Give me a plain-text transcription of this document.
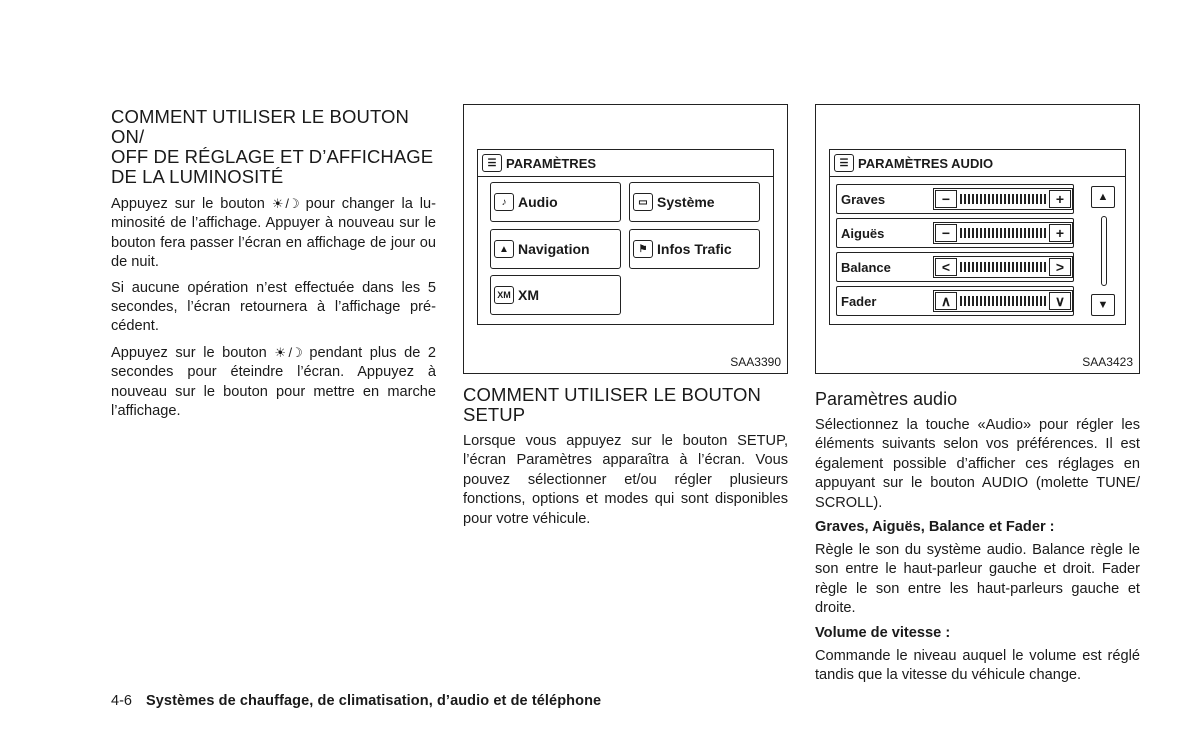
COMMENT UTILISER LE BOUTON ON/
OFF DE RÉGLAGE ET D’AFFICHAGE
DE LA LUMINOSITÉ

Appuyez sur le bouton ☀/☽ pour changer la lu-minosité de l’affichage. Appuyer à nouveau sur le bouton fera passer l’écran en affichage de jour ou de nuit.

Si aucune opération n’est effectuée dans les 5 secondes, l’écran retournera à l’affichage pré-cédent.

Appuyez sur le bouton ☀/☽ pendant plus de 2 secondes pour éteindre l’écran. Appuyez à nouveau sur le bouton pour mettre en marche l’affichage.

☰ PARAMÈTRES
♪ Audio	▭ Système
▲ Navigation	⚑ Infos Trafic
XM XM
SAA3390
COMMENT UTILISER LE BOUTON
SETUP

Lorsque vous appuyez sur le bouton SETUP, l’écran Paramètres apparaîtra à l’écran. Vous pouvez sélectionner et/ou régler plusieurs fonctions, options et modes qui sont disponibles pour votre véhicule.

☰ PARAMÈTRES AUDIO
Graves	−	+
Aiguës	−	+
Balance	<	>
Fader	∧	∨
▲
▼
SAA3423
Paramètres audio

Sélectionnez la touche «Audio» pour régler les éléments suivants selon vos préférences. Il est également possible d’afficher ces réglages en appuyant sur le bouton AUDIO (molette TUNE/ SCROLL).

Graves, Aiguës, Balance et Fader :

Règle le son du système audio. Balance règle le son entre le haut-parleur gauche et droit. Fader règle le son entre les haut-parleurs gauche et droite.

Volume de vitesse :

Commande le niveau auquel le volume est réglé tandis que la vitesse du véhicule change.

4-6 Systèmes de chauffage, de climatisation, d’audio et de téléphone
